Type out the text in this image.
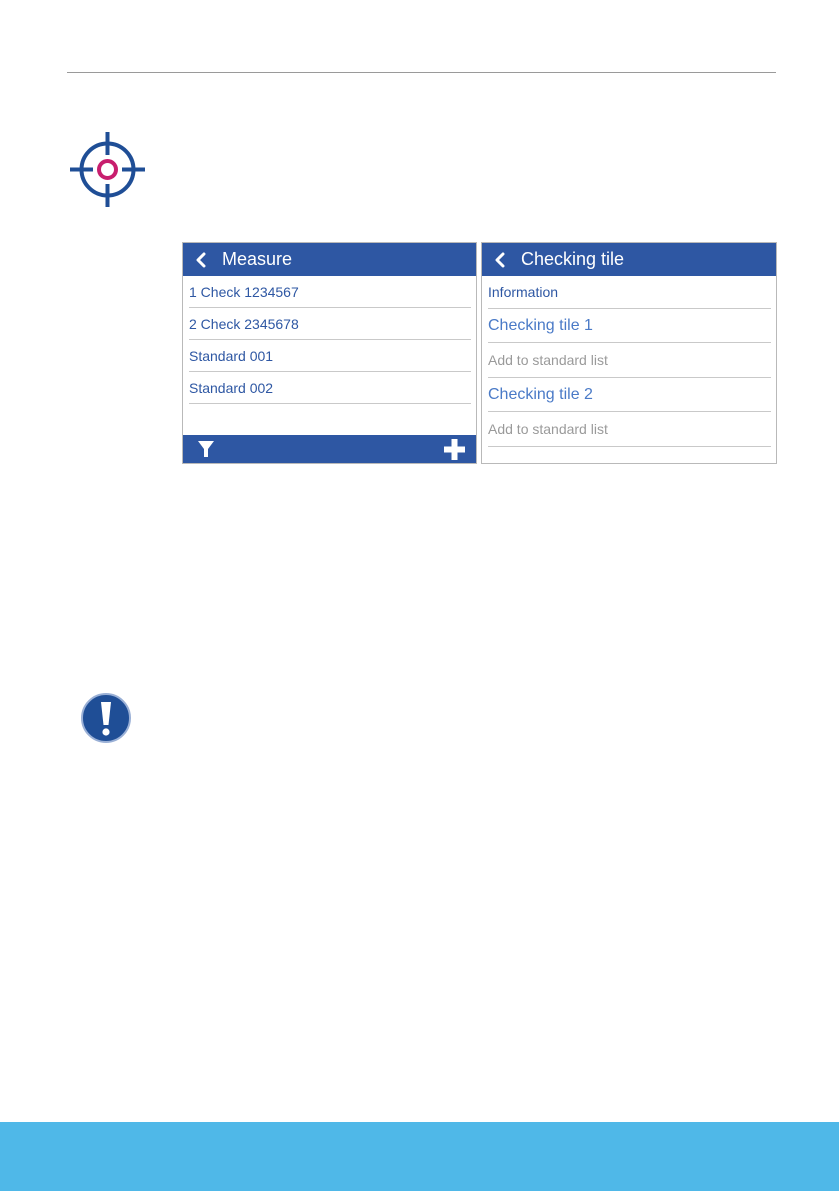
Measure
1 Check 1234567
2 Check 2345678
Standard 001
Standard 002
Checking tile
Information
Checking tile 1
Add to standard list
Checking tile 2
Add to standard list
